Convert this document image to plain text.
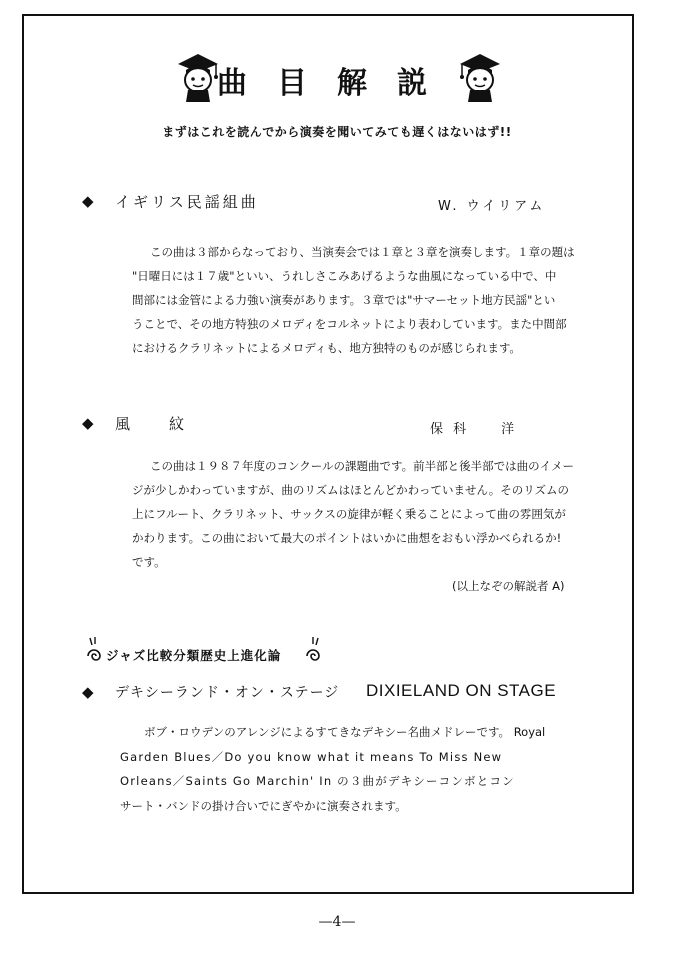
曲目解説
まずはこれを読んでから演奏を聞いてみても遅くはないはず!!
◆ イギリス民謡組曲	W. ウイリアム

この曲は３部からなっており、当演奏会では１章と３章を演奏します。１章の題は

"日曜日には１７歳"といい、うれしさこみあげるような曲風になっている中で、中

間部には金管による力強い演奏があります。３章では"サマーセット地方民謡"とい

うことで、その地方特独のメロディをコルネットにより表わしています。また中間部

におけるクラリネットによるメロディも、地方独特のものが感じられます。

◆ 風　　紋	保 科　　洋

この曲は１９８７年度のコンクールの課題曲です。前半部と後半部では曲のイメー

ジが少しかわっていますが、曲のリズムはほとんどかわっていません。そのリズムの

上にフルート、クラリネット、サックスの旋律が軽く乗ることによって曲の雰囲気が

かわります。この曲において最大のポイントはいかに曲想をおもい浮かべられるか!

です。

(以上なぞの解説者 A)
ジャズ比較分類歴史上進化論
◆ デキシーランド・オン・ステージ DIXIELAND ON STAGE

ボブ・ロウデンのアレンジによるすてきなデキシー名曲メドレーです。 Royal

Garden Blues／Do you know what it means To Miss New

Orleans／Saints Go Marchin' In の３曲がデキシーコンボとコン

サート・バンドの掛け合いでにぎやかに演奏されます。

—4—
